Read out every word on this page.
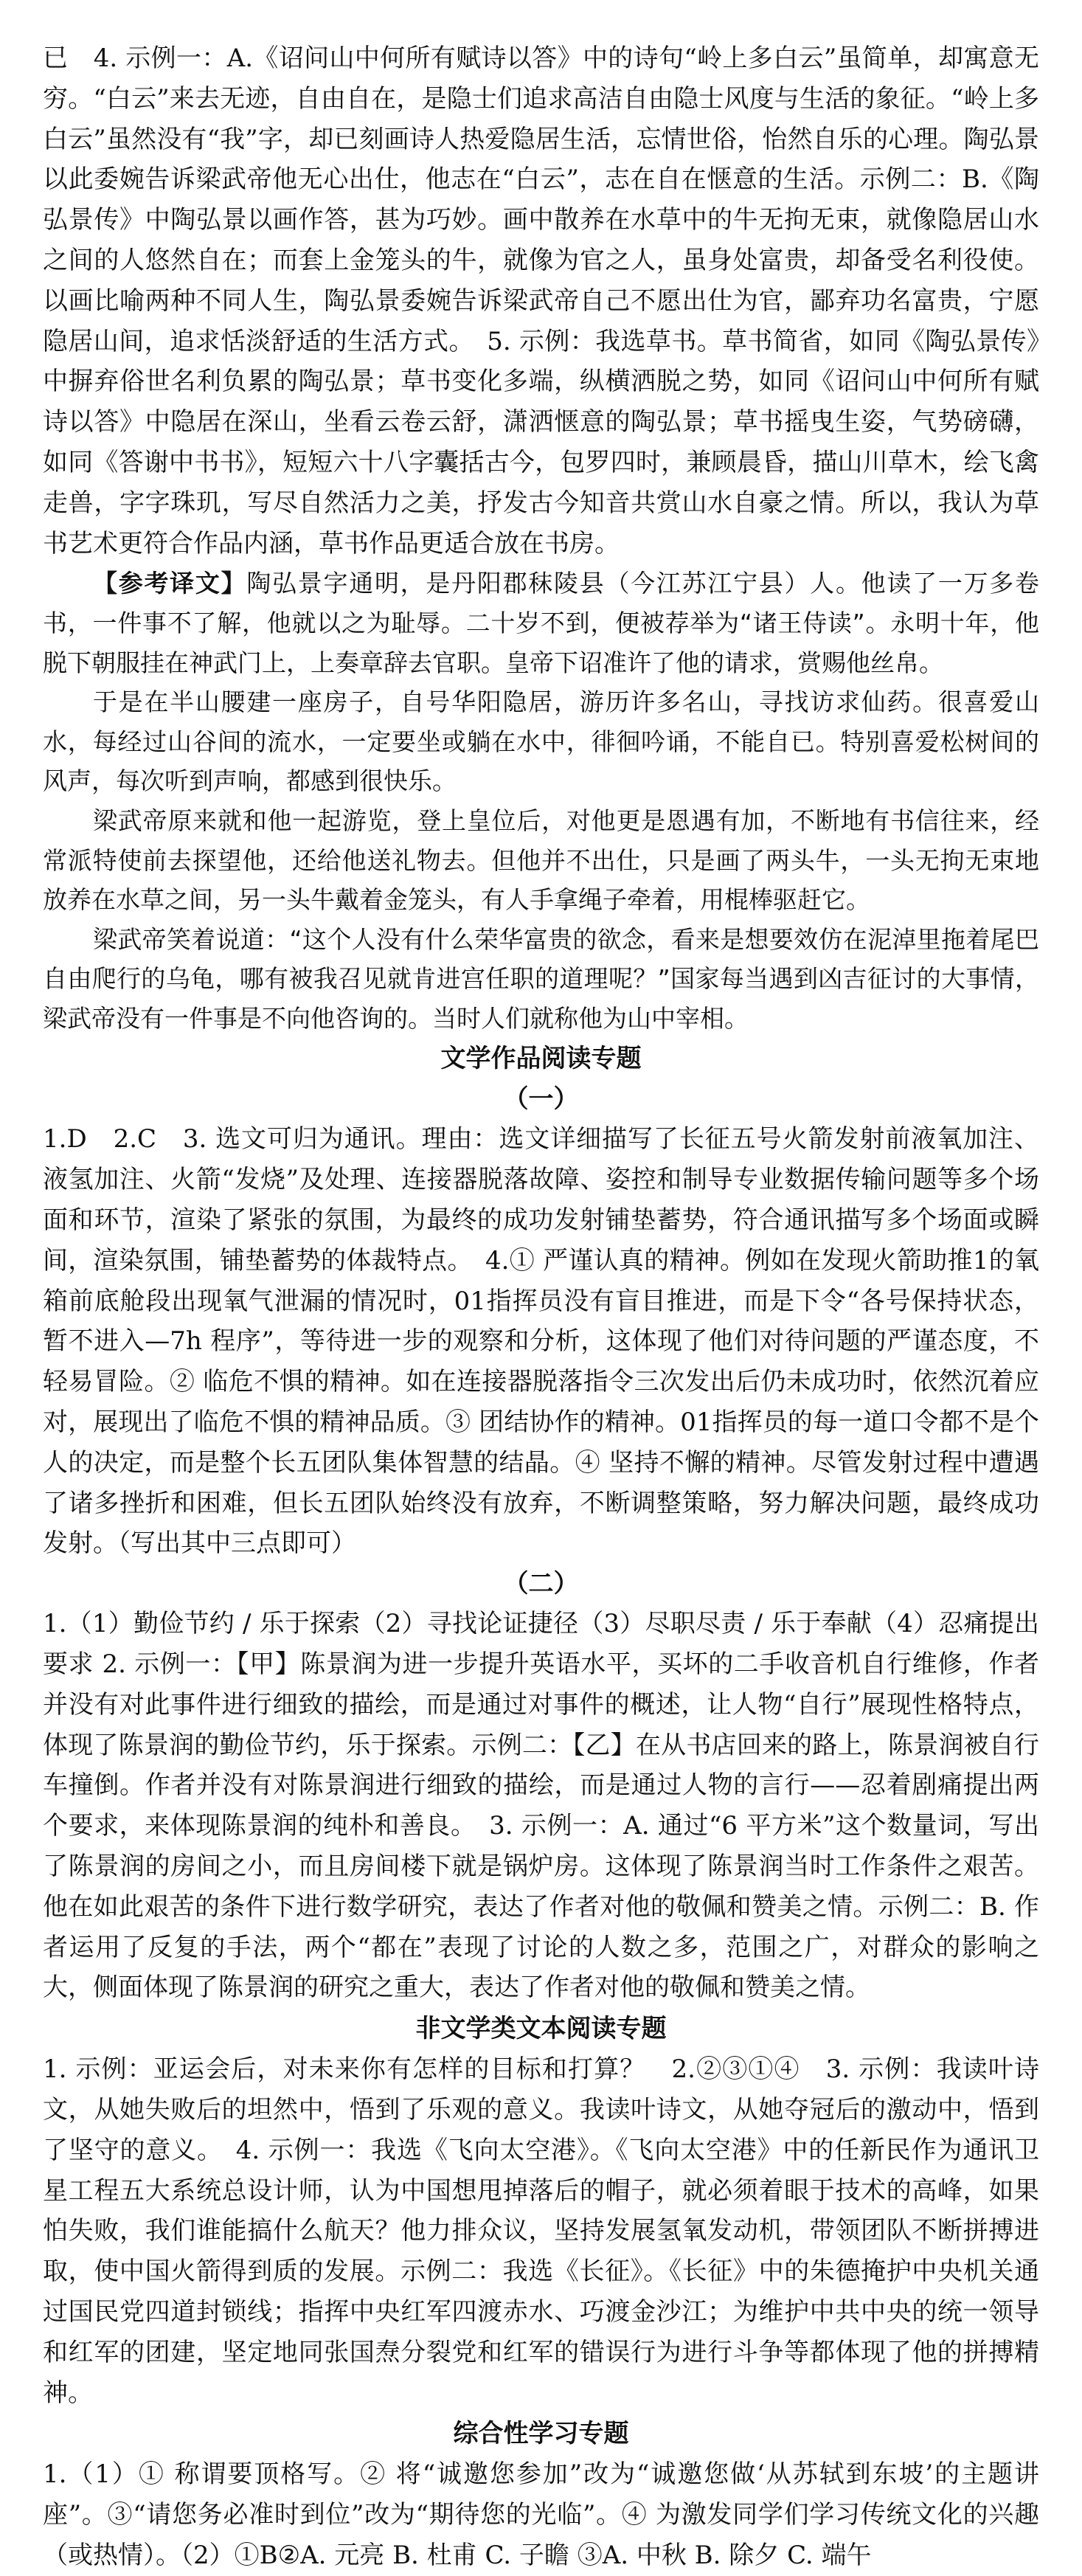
已　4. 示例一：A.《诏问山中何所有赋诗以答》中的诗句“岭上多白云”虽简单，却寓意无穷。“白云”来去无迹，自由自在，是隐士们追求高洁自由隐士风度与生活的象征。“岭上多白云”虽然没有“我”字，却已刻画诗人热爱隐居生活，忘情世俗，怡然自乐的心理。陶弘景以此委婉告诉梁武帝他无心出仕，他志在“白云”，志在自在惬意的生活。示例二：B.《陶弘景传》中陶弘景以画作答，甚为巧妙。画中散养在水草中的牛无拘无束，就像隐居山水之间的人悠然自在；而套上金笼头的牛，就像为官之人，虽身处富贵，却备受名利役使。以画比喻两种不同人生，陶弘景委婉告诉梁武帝自己不愿出仕为官，鄙弃功名富贵，宁愿隐居山间，追求恬淡舒适的生活方式。　5. 示例：我选草书。草书简省，如同《陶弘景传》中摒弃俗世名利负累的陶弘景；草书变化多端，纵横洒脱之势，如同《诏问山中何所有赋诗以答》中隐居在深山，坐看云卷云舒，潇洒惬意的陶弘景；草书摇曳生姿，气势磅礴，如同《答谢中书书》，短短六十八字囊括古今，包罗四时，兼顾晨昏，描山川草木，绘飞禽走兽，字字珠玑，写尽自然活力之美，抒发古今知音共赏山水自豪之情。所以，我认为草书艺术更符合作品内涵，草书作品更适合放在书房。

【参考译文】陶弘景字通明，是丹阳郡秣陵县（今江苏江宁县）人。他读了一万多卷书，一件事不了解，他就以之为耻辱。二十岁不到，便被荐举为“诸王侍读”。永明十年，他脱下朝服挂在神武门上，上奏章辞去官职。皇帝下诏准许了他的请求，赏赐他丝帛。

于是在半山腰建一座房子，自号华阳隐居，游历许多名山，寻找访求仙药。很喜爱山水，每经过山谷间的流水，一定要坐或躺在水中，徘徊吟诵，不能自已。特别喜爱松树间的风声，每次听到声响，都感到很快乐。

梁武帝原来就和他一起游览，登上皇位后，对他更是恩遇有加，不断地有书信往来，经常派特使前去探望他，还给他送礼物去。但他并不出仕，只是画了两头牛，一头无拘无束地放养在水草之间，另一头牛戴着金笼头，有人手拿绳子牵着，用棍棒驱赶它。

梁武帝笑着说道：“这个人没有什么荣华富贵的欲念，看来是想要效仿在泥淖里拖着尾巴自由爬行的乌龟，哪有被我召见就肯进宫任职的道理呢？”国家每当遇到凶吉征讨的大事情，梁武帝没有一件事是不向他咨询的。当时人们就称他为山中宰相。

文学作品阅读专题
（一）

1.D　2.C　3. 选文可归为通讯。理由：选文详细描写了长征五号火箭发射前液氧加注、液氢加注、火箭“发烧”及处理、连接器脱落故障、姿控和制导专业数据传输问题等多个场面和环节，渲染了紧张的氛围，为最终的成功发射铺垫蓄势，符合通讯描写多个场面或瞬间，渲染氛围，铺垫蓄势的体裁特点。　4.① 严谨认真的精神。例如在发现火箭助推1的氧箱前底舱段出现氧气泄漏的情况时，01指挥员没有盲目推进，而是下令“各号保持状态，暂不进入—7h 程序”，等待进一步的观察和分析，这体现了他们对待问题的严谨态度，不轻易冒险。② 临危不惧的精神。如在连接器脱落指令三次发出后仍未成功时，依然沉着应对，展现出了临危不惧的精神品质。③ 团结协作的精神。01指挥员的每一道口令都不是个人的决定，而是整个长五团队集体智慧的结晶。④ 坚持不懈的精神。尽管发射过程中遭遇了诸多挫折和困难，但长五团队始终没有放弃，不断调整策略，努力解决问题，最终成功发射。（写出其中三点即可）

（二）

1.（1）勤俭节约 / 乐于探索（2）寻找论证捷径（3）尽职尽责 / 乐于奉献（4）忍痛提出要求 2. 示例一：【甲】陈景润为进一步提升英语水平，买坏的二手收音机自行维修，作者并没有对此事件进行细致的描绘，而是通过对事件的概述，让人物“自行”展现性格特点，体现了陈景润的勤俭节约，乐于探索。示例二：【乙】在从书店回来的路上，陈景润被自行车撞倒。作者并没有对陈景润进行细致的描绘，而是通过人物的言行——忍着剧痛提出两个要求，来体现陈景润的纯朴和善良。　3. 示例一：A. 通过“6 平方米”这个数量词，写出了陈景润的房间之小，而且房间楼下就是锅炉房。这体现了陈景润当时工作条件之艰苦。他在如此艰苦的条件下进行数学研究，表达了作者对他的敬佩和赞美之情。示例二：B. 作者运用了反复的手法，两个“都在”表现了讨论的人数之多，范围之广，对群众的影响之大，侧面体现了陈景润的研究之重大，表达了作者对他的敬佩和赞美之情。

非文学类文本阅读专题

1. 示例：亚运会后，对未来你有怎样的目标和打算？　2.②③①④　3. 示例：我读叶诗文，从她失败后的坦然中，悟到了乐观的意义。我读叶诗文，从她夺冠后的激动中，悟到了坚守的意义。　4. 示例一：我选《飞向太空港》。《飞向太空港》中的任新民作为通讯卫星工程五大系统总设计师，认为中国想甩掉落后的帽子，就必须着眼于技术的高峰，如果怕失败，我们谁能搞什么航天？他力排众议，坚持发展氢氧发动机，带领团队不断拼搏进取，使中国火箭得到质的发展。示例二：我选《长征》。《长征》中的朱德掩护中央机关通过国民党四道封锁线；指挥中央红军四渡赤水、巧渡金沙江；为维护中共中央的统一领导和红军的团建，坚定地同张国焘分裂党和红军的错误行为进行斗争等都体现了他的拼搏精神。

综合性学习专题

1.（1）① 称谓要顶格写。② 将“诚邀您参加”改为“诚邀您做‘从苏轼到东坡’的主题讲座”。③“请您务必准时到位”改为“期待您的光临”。④ 为激发同学们学习传统文化的兴趣（或热情）。（2）①B②A. 元亮 B. 杜甫 C. 子瞻 ③A. 中秋 B. 除夕 C. 端午
